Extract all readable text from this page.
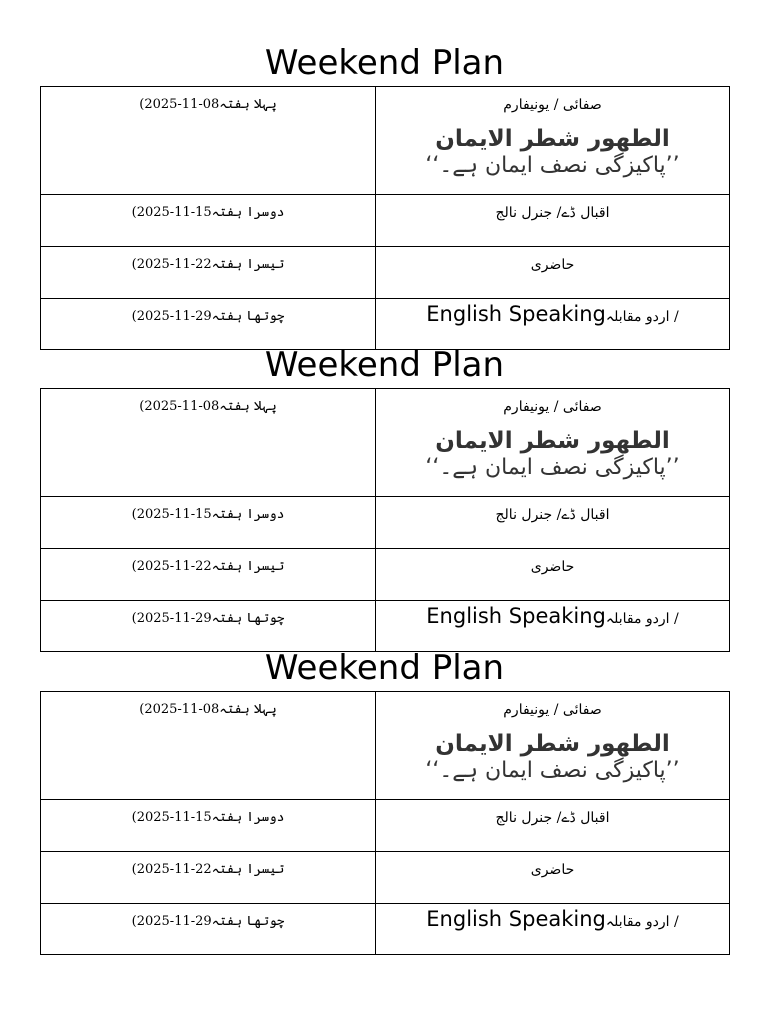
Weekend Plan
پہلا ہفتہ(2025-11-08	صفائی / یونیفارم
الطھور شطر الایمان
’’پاکیزگی نصف ایمان ہے۔‘‘

دوسرا ہفتہ(2025-11-15	اقبال ڈے/ جنرل نالج
تیسرا ہفتہ(2025-11-22	حاضری
چوتھا ہفتہ(2025-11-29	/ اردو مقابلہEnglish Speaking
Weekend Plan
پہلا ہفتہ(2025-11-08	صفائی / یونیفارم
الطھور شطر الایمان
’’پاکیزگی نصف ایمان ہے۔‘‘

دوسرا ہفتہ(2025-11-15	اقبال ڈے/ جنرل نالج
تیسرا ہفتہ(2025-11-22	حاضری
چوتھا ہفتہ(2025-11-29	/ اردو مقابلہEnglish Speaking
Weekend Plan
پہلا ہفتہ(2025-11-08	صفائی / یونیفارم
الطھور شطر الایمان
’’پاکیزگی نصف ایمان ہے۔‘‘

دوسرا ہفتہ(2025-11-15	اقبال ڈے/ جنرل نالج
تیسرا ہفتہ(2025-11-22	حاضری
چوتھا ہفتہ(2025-11-29	/ اردو مقابلہEnglish Speaking
